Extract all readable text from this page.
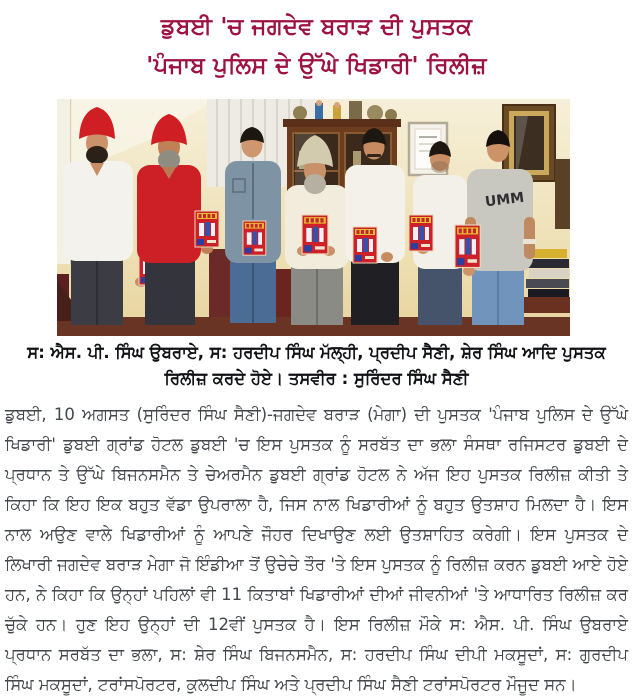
ਡੁਬਈ 'ਚ ਜਗਦੇਵ ਬਰਾੜ ਦੀ ਪੁਸਤਕ
'ਪੰਜਾਬ ਪੁਲਿਸ ਦੇ ਉੱਘੇ ਖਿਡਾਰੀ' ਰਿਲੀਜ਼
UMM
ਸ: ਐਸ. ਪੀ. ਸਿੰਘ ਉਬਰਾਏ, ਸ: ਹਰਦੀਪ ਸਿੰਘ ਮੱਲ੍ਹੀ, ਪ੍ਰਦੀਪ ਸੈਣੀ, ਸ਼ੇਰ ਸਿੰਘ ਆਦਿ ਪੁਸਤਕ ਰਿਲੀਜ਼ ਕਰਦੇ ਹੋਏ। ਤਸਵੀਰ : ਸੁਰਿੰਦਰ ਸਿੰਘ ਸੈਣੀ

ਡੁਬਈ, 10 ਅਗਸਤ (ਸੁਰਿੰਦਰ ਸਿੰਘ ਸੈਣੀ)-ਜਗਦੇਵ ਬਰਾੜ (ਮੇਗਾ) ਦੀ ਪੁਸਤਕ 'ਪੰਜਾਬ ਪੁਲਿਸ ਦੇ ਉੱਘੇ ਖਿਡਾਰੀ' ਡੁਬਈ ਗ੍ਰਾਂਡ ਹੋਟਲ ਡੁਬਈ 'ਚ ਇਸ ਪੁਸਤਕ ਨੂੰ ਸਰਬੱਤ ਦਾ ਭਲਾ ਸੰਸਥਾ ਰਜਿਸਟਰ ਡੁਬਈ ਦੇ ਪ੍ਰਧਾਨ ਤੇ ਉੱਘੇ ਬਿਜਨਸਮੈਨ ਤੇ ਚੇਅਰਮੈਨ ਡੁਬਈ ਗ੍ਰਾਂਡ ਹੋਟਲ ਨੇ ਅੱਜ ਇਹ ਪੁਸਤਕ ਰਿਲੀਜ਼ ਕੀਤੀ ਤੇ ਕਿਹਾ ਕਿ ਇਹ ਇਕ ਬਹੁਤ ਵੱਡਾ ਉਪਰਾਲਾ ਹੈ, ਜਿਸ ਨਾਲ ਖਿਡਾਰੀਆਂ ਨੂੰ ਬਹੁਤ ਉਤਸ਼ਾਹ ਮਿਲਦਾ ਹੈ। ਇਸ ਨਾਲ ਅਉਣ ਵਾਲੇ ਖਿਡਾਰੀਆਂ ਨੂੰ ਆਪਣੇ ਜੌਹਰ ਦਿਖਾਉਣ ਲਈ ਉਤਸ਼ਾਹਿਤ ਕਰੇਗੀ। ਇਸ ਪੁਸਤਕ ਦੇ ਲਿਖਾਰੀ ਜਗਦੇਵ ਬਰਾੜ ਮੇਗਾ ਜੋ ਇੰਡੀਆ ਤੋਂ ਉਚੇਚੇ ਤੌਰ 'ਤੇ ਇਸ ਪੁਸਤਕ ਨੂੰ ਰਿਲੀਜ਼ ਕਰਨ ਡੁਬਈ ਆਏ ਹੋਏ ਹਨ, ਨੇ ਕਿਹਾ ਕਿ ਉਨ੍ਹਾਂ ਪਹਿਲਾਂ ਵੀ 11 ਕਿਤਾਬਾਂ ਖਿਡਾਰੀਆਂ ਦੀਆਂ ਜੀਵਨੀਆਂ 'ਤੇ ਆਧਾਰਿਤ ਰਿਲੀਜ਼ ਕਰ ਚੁੱਕੇ ਹਨ। ਹੁਣ ਇਹ ਉਨ੍ਹਾਂ ਦੀ 12ਵੀਂ ਪੁਸਤਕ ਹੈ। ਇਸ ਰਿਲੀਜ਼ ਮੌਕੇ ਸ: ਐਸ. ਪੀ. ਸਿੰਘ ਉਬਰਾਏ ਪ੍ਰਧਾਨ ਸਰਬੱਤ ਦਾ ਭਲਾ, ਸ: ਸ਼ੇਰ ਸਿੰਘ ਬਿਜਨਸਮੈਨ, ਸ: ਹਰਦੀਪ ਸਿੰਘ ਦੀਪੀ ਮਕਸੂਦਾਂ, ਸ: ਗੁਰਦੀਪ ਸਿੰਘ ਮਕਸੂਦਾਂ, ਟਰਾਂਸਪੋਰਟਰ, ਕੁਲਦੀਪ ਸਿੰਘ ਅਤੇ ਪ੍ਰਦੀਪ ਸਿੰਘ ਸੈਣੀ ਟਰਾਂਸਪੋਰਟਰ ਮੌਜੂਦ ਸਨ।
